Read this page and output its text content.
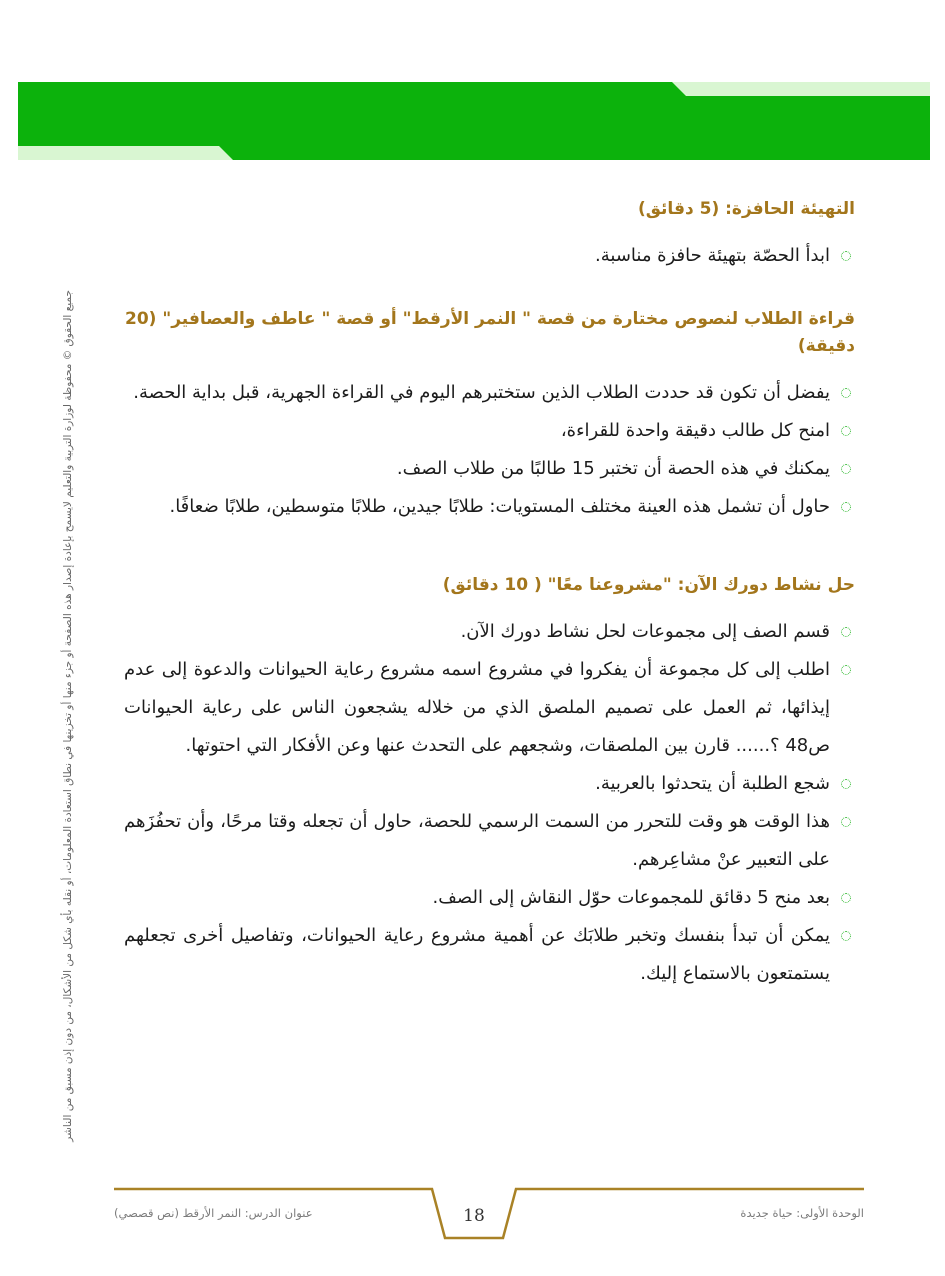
جميع الحقوق © محفوظة لوزارة التربية والتعليم لايسمح بإعادة إصدار هذه الصفحة أو جزء منها أو تخزينها في نطاق استعادة المعلومات، أو نقله بأي شكل من الأشكال، من دون إذن مسبق من الناشر
التهيئة الحافزة: (5 دقائق)
ابدأ الحصّة بتهيئة حافزة مناسبة.
قراءة الطلاب لنصوص مختارة من قصة " النمر الأرقط" أو قصة " عاطف والعصافير" (20 دقيقة)
يفضل أن تكون قد حددت الطلاب الذين ستختبرهم اليوم في القراءة الجهرية، قبل بداية الحصة.
امنح كل طالب دقيقة واحدة للقراءة،
يمكنك في هذه الحصة أن تختبر 15 طالبًا من طلاب الصف.
حاول أن تشمل هذه العينة مختلف المستويات: طلابًا جيدين، طلابًا متوسطين، طلابًا ضعافًا.
حل نشاط دورك الآن: "مشروعنا معًا" ( 10 دقائق)
قسم الصف إلى مجموعات لحل نشاط دورك الآن.
اطلب إلى كل مجموعة أن يفكروا في مشروع اسمه مشروع رعاية الحيوانات والدعوة إلى عدم إيذائها، ثم العمل على تصميم الملصق الذي من خلاله يشجعون الناس على رعاية الحيوانات ص48 ؟...... قارن بين الملصقات، وشجعهم على التحدث عنها وعن الأفكار التي احتوتها.
شجع الطلبة أن يتحدثوا بالعربية.
هذا الوقت هو وقت للتحرر من السمت الرسمي للحصة، حاول أن تجعله وقتا مرحًا، وأن تحفُزَهم على التعبير عنْ مشاعِرهم.
بعد منح 5 دقائق للمجموعات حوّل النقاش إلى الصف.
يمكن أن تبدأ بنفسك وتخبر طلابَك عن أهمية مشروع رعاية الحيوانات، وتفاصيل أخرى تجعلهم يستمتعون بالاستماع إليك.
18
عنوان الدرس: النمر الأرقط (نص قصصي)	الوحدة الأولى: حياة جديدة
